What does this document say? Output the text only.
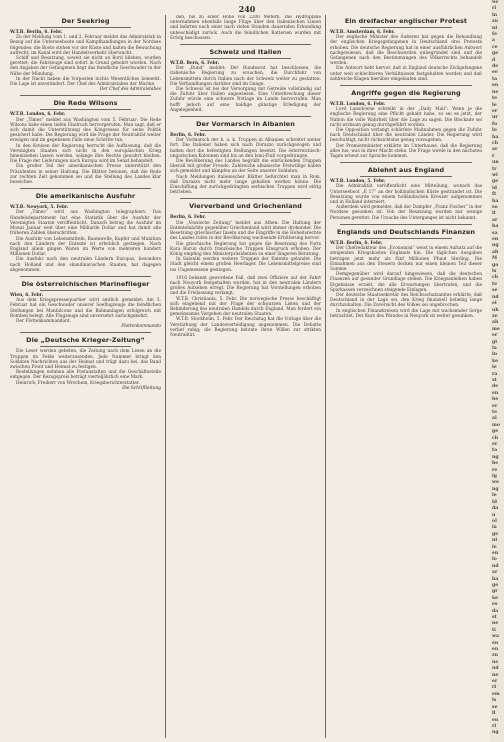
240
Der Seekrieg
W.T.B. Berlin, 6. Febr.
Zu der Meldung vom 1. und 2. Februar meldet das Admiralstab in Bezug auf die Unterseeboote und Kampfhandlungen in der Nordsee folgendes: die Boote stehen vor der Küste und halten die Bewachung aufrecht, im Kanal wird der Handelsverkehr überwacht.
Schiff und Besatzung, soweit sie nicht an Bord blieben, wurden gerettet; die Fahrzeuge sind sofort in Grund gebohrt worden. Nach den Angaben der Gefangenen liegt das feindliche Geschwader in der Nähe der Mündung.
In der Nacht haben die Vorposten nichts Wesentliches bemerkt. Die Lage ist unverändert. Der Chef des Admiralstabes der Marine.
Der Chef des Admiralstabes
Die Rede Wilsons
W.T.B. London, 6. Febr.
Der „Times“ meldet aus Washington vom 5. Februar: Die Rede Wilsons habe einen tiefen Eindruck hervorgerufen. Man sagt, daß er sich damit die Unterstützung des Kongresses für seine Politik gesichert habe. Die Regierung wird die Frage der Neutralität weiter erwägen und im gegebenen Falle neue Schritte tun.
In den Kreisen der Regierung herrscht die Auffassung, daß die Vereinigten Staaten sich nicht in den europäischen Krieg hineinziehen lassen werden, solange ihre Rechte gewahrt bleiben. Die Frage der Lieferungen nach Europa wird im Senat behandelt.
Ein großer Teil der amerikanischen Presse unterstützt den Präsidenten in seiner Haltung. Die Blätter betonen, daß die Rede zur rechten Zeit gekommen sei und die Stellung des Landes klar bezeichne.
Die amerikanische Ausfuhr
W.T.B. Newyork, 5. Febr.
Der „Times“ wird aus Washington telegraphiert: Das Handelsdepartement hat eine Statistik über die Ausfuhr der Vereinigten Staaten veröffentlicht. Danach betrug die Ausfuhr im Monat Januar weit über eine Milliarde Dollar und hat damit alle früheren Zahlen überschritten.
Die Ausfuhr von Lebensmitteln, Baumwolle, Kupfer und Munition nach den Ländern der Entente ist erheblich gestiegen. Nach England allein gingen Waren im Werte von mehreren hundert Millionen Dollar.
Die Ausfuhr nach den neutralen Ländern Europas, besonders nach Holland und den skandinavischen Staaten, hat dagegen abgenommen.
Die österreichischen Marineflieger
Wien, 6. Febr.
Aus dem Kriegspressequartier wird amtlich gemeldet: Am 5. Februar hat ein Geschwader unserer Seeflugzeuge die feindlichen Stellungen bei Monfalcone und die Bahnanlagen erfolgreich mit Bomben belegt. Alle Flugzeuge sind unversehrt zurückgekehrt.
Der Flottenkommandant.
Flottenkommando
Die „Deutsche Krieger-Zeitung“
Die Leser werden gebeten, die Zeitung nach dem Lesen an die Truppen im Felde weiterzusenden. Jede Nummer bringt den Soldaten Nachrichten aus der Heimat und trägt dazu bei, das Band zwischen Front und Heimat zu festigen.
Bestellungen nehmen alle Postanstalten und die Geschäftsstelle entgegen. Der Bezugspreis beträgt vierteljährlich eine Mark.
Heinrich, Freiherr von Wrochem, Kriegsberichterstatter.
Die Schriftleitung
den, bis zu einer Höhe von 2200 Metern. Die Hydroplane unternahmen ebenfalls lange Flüge über den italienischen Linien und kehrten nach einer nach vielen Stunden dauernden Erkundung unbeschädigt zurück. Auch die feindlichen Batterien wurden mit Erfolg beschossen.
Schweiz und Italien
W.T.B. Bern, 6. Febr.
Der „Bund“ meldet: Der Bundesrat hat beschlossen, die italienische Regierung zu ersuchen, die Durchfuhr von Lebensmitteln durch Italien nach der Schweiz weiter zu gestatten. Die Verhandlungen darüber sind im Gange.
Die Schweiz ist bei der Versorgung mit Getreide vollständig auf die Zufuhr über Italien angewiesen. Eine Unterbrechung dieser Zufuhr würde eine schwere Notlage im Lande hervorrufen. Man hofft jedoch auf eine baldige günstige Erledigung der Angelegenheit.
Der Vormarsch in Albanien
Berlin, 6. Febr.
Der Vormarsch der k. u. k. Truppen in Albanien schreitet weiter fort. Die Italiener haben sich nach Durazzo zurückgezogen und halten dort die befestigten Stellungen besetzt. Die österreichisch-ungarischen Kolonnen sind bis an den Ismi-Fluß vorgedrungen.
Die Bevölkerung des Landes begrüßt die einrückenden Truppen überall mit großer Freude. Zahlreiche albanische Freiwillige haben sich gemeldet und kämpfen an der Seite unserer Soldaten.
Nach Meldungen italienischer Blätter befürchtet man in Rom, daß Durazzo nicht mehr lange gehalten werden könne. Die Einschiffung der zurückgedrängten serbischen Truppen wird eifrig betrieben.
Vierverband und Griechenland
Berlin, 6. Febr.
Die „Vossische Zeitung“ meldet aus Athen: Die Haltung der Ententemächte gegenüber Griechenland wird immer drohender. Die Besetzung griechischer Inseln und die Eingriffe in die Hoheitsrechte des Landes rufen in der Bevölkerung wachsende Erbitterung hervor.
Die griechische Regierung hat gegen die Besetzung des Forts Kara Burun durch französische Truppen Einspruch erhoben. Der König empfing den Ministerpräsidenten zu einer längeren Beratung.
In Saloniki werden weitere Truppen der Entente gelandet. Die Stadt gleicht einem großen Heerlager. Die Lebensmittelpreise sind ins Ungemessene gestiegen.
1916 bekannt gewordene Fall, daß zwei Offiziere auf der Fahrt nach Neuyork festgehalten wurden, hat in den neutralen Ländern großes Aufsehen erregt. Die Regierung hat Vorstellungen erhoben und die Freilassung verlangt.
W.T.B. Christiania, 5. Febr. Die norwegische Presse beschäftigt sich eingehend mit der Frage der schwarzen Listen und der Behinderung des neutralen Handels durch England. Man fordert ein gemeinsames Vorgehen der neutralen Staaten.
W.T.B. Stockholm, 5. Febr. Der Reichstag hat die Vorlage über die Verstärkung der Landesverteidigung angenommen. Die Debatte verlief ruhig; die Regierung betonte ihren Willen zur strikten Neutralität.
Ein dreifacher englischer Protest
W.T.B. Amsterdam, 6. Febr.
Der englische Minister des Äußeren hat gegen die Behandlung der englischen Kriegsgefangenen in Deutschland drei Proteste erhoben. Die deutsche Regierung hat in einer ausführlichen Antwort nachgewiesen, daß die Beschwerden unbegründet sind und die Gefangenen nach den Bestimmungen des Völkerrechts behandelt werden.
Die Antwort hebt hervor, daß in England deutsche Zivilgefangene unter weit schlechteren Verhältnissen festgehalten werden und daß zahlreiche Klagen hierüber eingelaufen sind.
Angriffe gegen die Regierung
W.T.B. London, 6. Febr.
Lord Lansdowne schreibt in der „Daily Mail“: Wenn je die englische Regierung eine Pflicht gehabt habe, so sei es jetzt, der Nation die volle Wahrheit über die Lage zu sagen. Die Blockade sei nicht wirksam genug durchgeführt worden.
Die Opposition verlangt schärfere Maßnahmen gegen die Zufuhr nach Deutschland über die neutralen Länder. Die Regierung wird beschuldigt, nicht rücksichtslos genug vorzugehen.
Der Premierminister erklärte im Unterhause, daß die Regierung alles tue, was in ihrer Macht stehe. Die Frage werde in den nächsten Tagen erneut zur Sprache kommen.
Ablehnt aus England
W.T.B. London, 5. Febr.
Die Admiralität veröffentlicht eine Mitteilung, wonach das Unterseeboot „E 17“ an der holländischen Küste gestrandet ist. Die Besatzung wurde von einem holländischen Kreuzer aufgenommen und in Holland interniert.
Außerdem wird gemeldet, daß der Dampfer „Franz Fischer“ in der Nordsee gesunken ist. Von der Besatzung wurden nur wenige Personen gerettet. Die Ursache des Unterganges ist nicht bekannt.
Englands und Deutschlands Finanzen
W.T.B. Berlin, 6. Febr.
Der Chefredakteur des „Economist“ weist in einem Aufsatz auf die steigenden Kriegskosten Englands hin. Die täglichen Ausgaben betragen jetzt mehr als fünf Millionen Pfund Sterling. Die Einnahmen aus den Steuern decken nur einen kleinen Teil dieser Summe.
Demgegenüber wird darauf hingewiesen, daß die deutschen Finanzen auf gesunder Grundlage stehen. Die Kriegsanleihen haben Ergebnisse erzielt, die alle Erwartungen übertrafen, und die Sparkassen verzeichnen steigende Einlagen.
Der deutsche Staatssekretär des Reichsschatzamtes erklärte, daß Deutschland in der Lage sei, den Krieg finanziell beliebig lange durchzuhalten. Die Zuversicht des Volkes sei ungebrochen.
In englischen Finanzkreisen wird die Lage mit wachsender Sorge betrachtet. Der Kurs des Pfundes in Neuyork ist weiter gesunken.
Se
ri
in
zu
ni
fe
a
ce
ge
d
de
ee
ta
en
ne
te
le
er
ur
fo
lo
ha
ch
ar
r
un
tr
wi
ge
id
ft
ha
so
it
ar
ha
sa
en
ng
ab
M
go
ls
ch
te
se
nd
ei
uh
ze
ah
me
er
gt
la
in
ke
ie
ra
st
de
en
be
er
te
al
mo
ge
ch
er
ta
ng
be
re
ig
we
ng
ie
ld
da
u
ol
ia
ge
ni
ie
en
lo
nd
ar
ha
ge
gr
ke
es
da
st
ne
ti
wa
en
en
zu
ns
ud
ne
er
ri
em
ls
se
lt
en
ri
ng
